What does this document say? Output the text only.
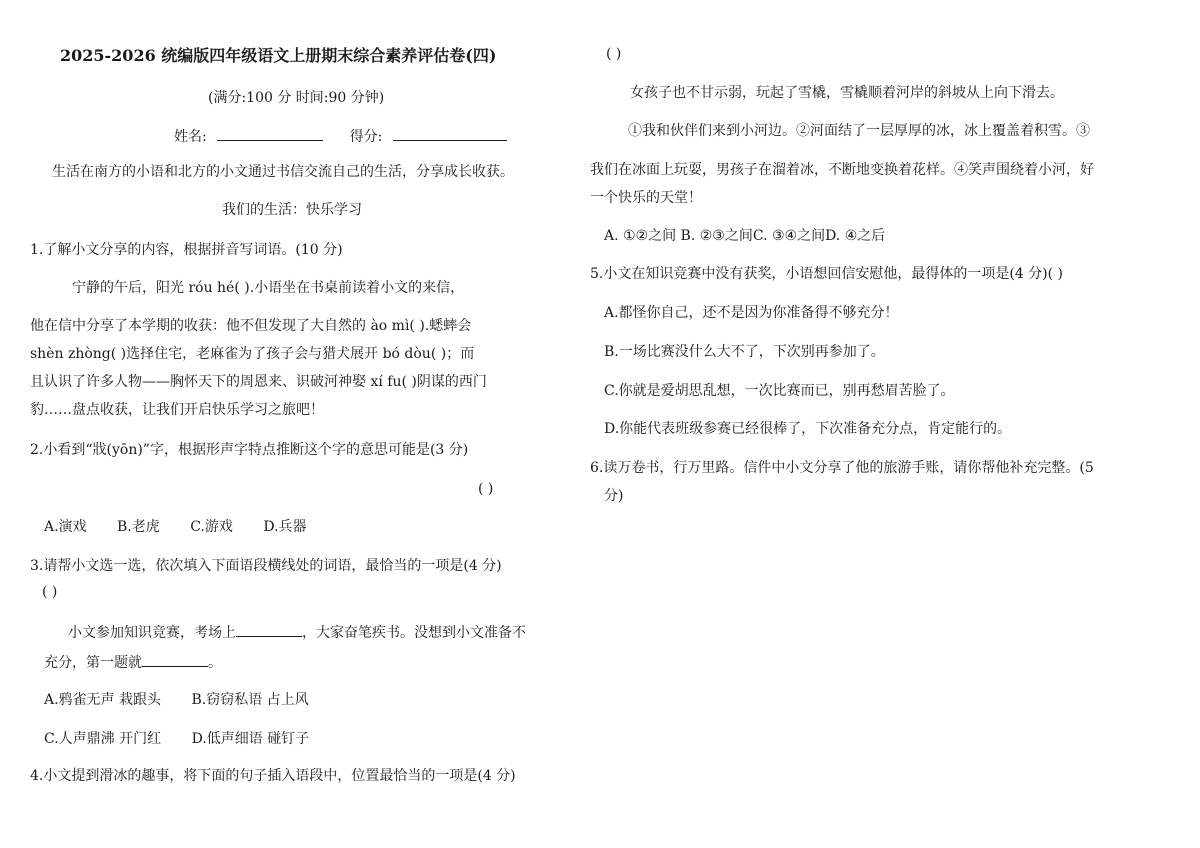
2025-2026 统编版四年级语文上册期末综合素养评估卷(四)
(满分:100 分 时间:90 分钟)
姓名:	得分:
生活在南方的小语和北方的小文通过书信交流自己的生活，分享成长收获。
我们的生活：快乐学习
1.了解小文分享的内容，根据拼音写词语。(10 分)
宁静的午后，阳光 róu hé( ).小语坐在书桌前读着小文的来信，
他在信中分享了本学期的收获：他不但发现了大自然的 ào mì( ).蟋蟀会
shèn zhòng( )选择住宅，老麻雀为了孩子会与猎犬展开 bó dòu( )；而
且认识了许多人物——胸怀天下的周恩来、识破河神娶 xí fu( )阴谋的西门
豹……盘点收获，让我们开启快乐学习之旅吧！
2.小看到“戕(yōn)”字，根据形声字特点推断这个字的意思可能是(3 分)
( )
A.演戏 B.老虎 C.游戏 D.兵器
3.请帮小文选一选，依次填入下面语段横线处的词语，最恰当的一项是(4 分)
( )
小文参加知识竞赛，考场上	，大家奋笔疾书。没想到小文准备不
充分，第一题就	。
A.鸦雀无声 栽跟头 B.窃窃私语 占上风
C.人声鼎沸 开门红 D.低声细语 碰钉子
4.小文提到滑冰的趣事，将下面的句子插入语段中，位置最恰当的一项是(4 分)
( )
女孩子也不甘示弱，玩起了雪橇，雪橇顺着河岸的斜坡从上向下滑去。
①我和伙伴们来到小河边。②河面结了一层厚厚的冰，冰上覆盖着积雪。③
我们在冰面上玩耍，男孩子在溜着冰，不断地变换着花样。④笑声围绕着小河，好
一个快乐的天堂！
A. ①②之间 B. ②③之间C. ③④之间D. ④之后
5.小文在知识竞赛中没有获奖，小语想回信安慰他，最得体的一项是(4 分)( )
A.都怪你自己，还不是因为你准备得不够充分！
B.一场比赛没什么大不了，下次别再参加了。
C.你就是爱胡思乱想，一次比赛而已，别再愁眉苦脸了。
D.你能代表班级参赛已经很棒了，下次准备充分点，肯定能行的。
6.读万卷书，行万里路。信件中小文分享了他的旅游手账，请你帮他补充完整。(5
分)
